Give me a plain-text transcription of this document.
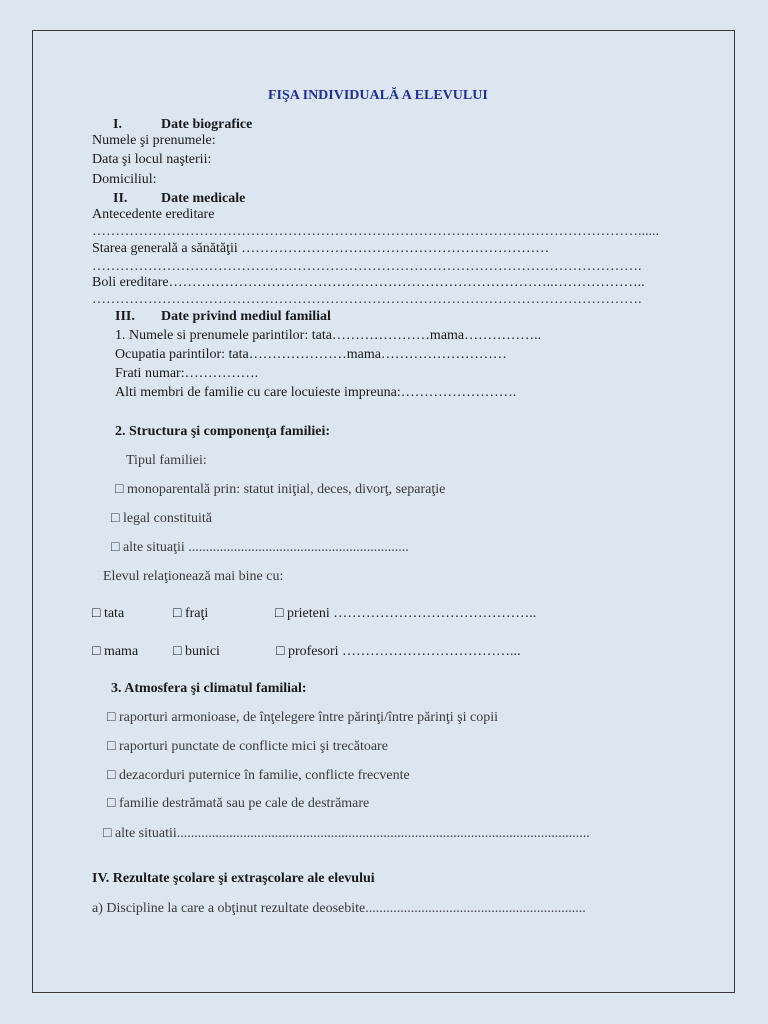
FIŞA INDIVIDUALĂ A ELEVULUI
I.	Date biografice
Numele şi prenumele:
Data şi locul naşterii:
Domiciliul:
II. Date medicale
Antecedente ereditare
………………………………………………………………………………………………………......
Starea generală a sănătăţii …………………………………………………………
……………………………………………………………………………………………………….
Boli ereditare………………………………………………………………………..………………..
……………………………………………………………………………………………………….
III. Date privind mediul familial
1. Numele si prenumele parintilor: tata…………………mama……………..
Ocupatia parintilor: tata…………………mama………………………
Frati numar:…………….
Alti membri de familie cu care locuieste impreuna:…………………….
2. Structura şi componenţa familiei:
Tipul familiei:
□ monoparentală prin: statut iniţial, deces, divorţ, separaţie
□ legal constituită
□ alte situaţii ...............................................................
Elevul relaţionează mai bine cu:
□ tata	□ fraţi	□ prieteni ……………………………………..
□ mama □ bunici	□ profesori ………………………………...
3. Atmosfera şi climatul familial:
□ raporturi armonioase, de înţelegere între părinţi/între părinţi şi copii
□ raporturi punctate de conflicte mici şi trecătoare
□ dezacorduri puternice în familie, conflicte frecvente
□ familie destrămată sau pe cale de destrămare
□ alte situatii......................................................................................................................
IV. Rezultate şcolare şi extraşcolare ale elevului
a) Discipline la care a obţinut rezultate deosebite...............................................................
